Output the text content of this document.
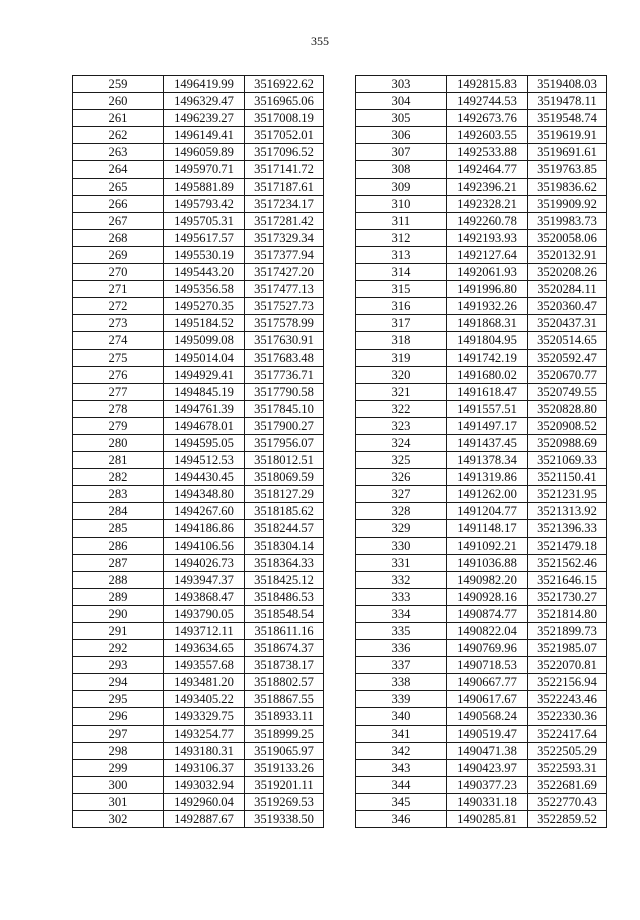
355
259	1496419.99	3516922.62
260	1496329.47	3516965.06
261	1496239.27	3517008.19
262	1496149.41	3517052.01
263	1496059.89	3517096.52
264	1495970.71	3517141.72
265	1495881.89	3517187.61
266	1495793.42	3517234.17
267	1495705.31	3517281.42
268	1495617.57	3517329.34
269	1495530.19	3517377.94
270	1495443.20	3517427.20
271	1495356.58	3517477.13
272	1495270.35	3517527.73
273	1495184.52	3517578.99
274	1495099.08	3517630.91
275	1495014.04	3517683.48
276	1494929.41	3517736.71
277	1494845.19	3517790.58
278	1494761.39	3517845.10
279	1494678.01	3517900.27
280	1494595.05	3517956.07
281	1494512.53	3518012.51
282	1494430.45	3518069.59
283	1494348.80	3518127.29
284	1494267.60	3518185.62
285	1494186.86	3518244.57
286	1494106.56	3518304.14
287	1494026.73	3518364.33
288	1493947.37	3518425.12
289	1493868.47	3518486.53
290	1493790.05	3518548.54
291	1493712.11	3518611.16
292	1493634.65	3518674.37
293	1493557.68	3518738.17
294	1493481.20	3518802.57
295	1493405.22	3518867.55
296	1493329.75	3518933.11
297	1493254.77	3518999.25
298	1493180.31	3519065.97
299	1493106.37	3519133.26
300	1493032.94	3519201.11
301	1492960.04	3519269.53
302	1492887.67	3519338.50
303	1492815.83	3519408.03
304	1492744.53	3519478.11
305	1492673.76	3519548.74
306	1492603.55	3519619.91
307	1492533.88	3519691.61
308	1492464.77	3519763.85
309	1492396.21	3519836.62
310	1492328.21	3519909.92
311	1492260.78	3519983.73
312	1492193.93	3520058.06
313	1492127.64	3520132.91
314	1492061.93	3520208.26
315	1491996.80	3520284.11
316	1491932.26	3520360.47
317	1491868.31	3520437.31
318	1491804.95	3520514.65
319	1491742.19	3520592.47
320	1491680.02	3520670.77
321	1491618.47	3520749.55
322	1491557.51	3520828.80
323	1491497.17	3520908.52
324	1491437.45	3520988.69
325	1491378.34	3521069.33
326	1491319.86	3521150.41
327	1491262.00	3521231.95
328	1491204.77	3521313.92
329	1491148.17	3521396.33
330	1491092.21	3521479.18
331	1491036.88	3521562.46
332	1490982.20	3521646.15
333	1490928.16	3521730.27
334	1490874.77	3521814.80
335	1490822.04	3521899.73
336	1490769.96	3521985.07
337	1490718.53	3522070.81
338	1490667.77	3522156.94
339	1490617.67	3522243.46
340	1490568.24	3522330.36
341	1490519.47	3522417.64
342	1490471.38	3522505.29
343	1490423.97	3522593.31
344	1490377.23	3522681.69
345	1490331.18	3522770.43
346	1490285.81	3522859.52
